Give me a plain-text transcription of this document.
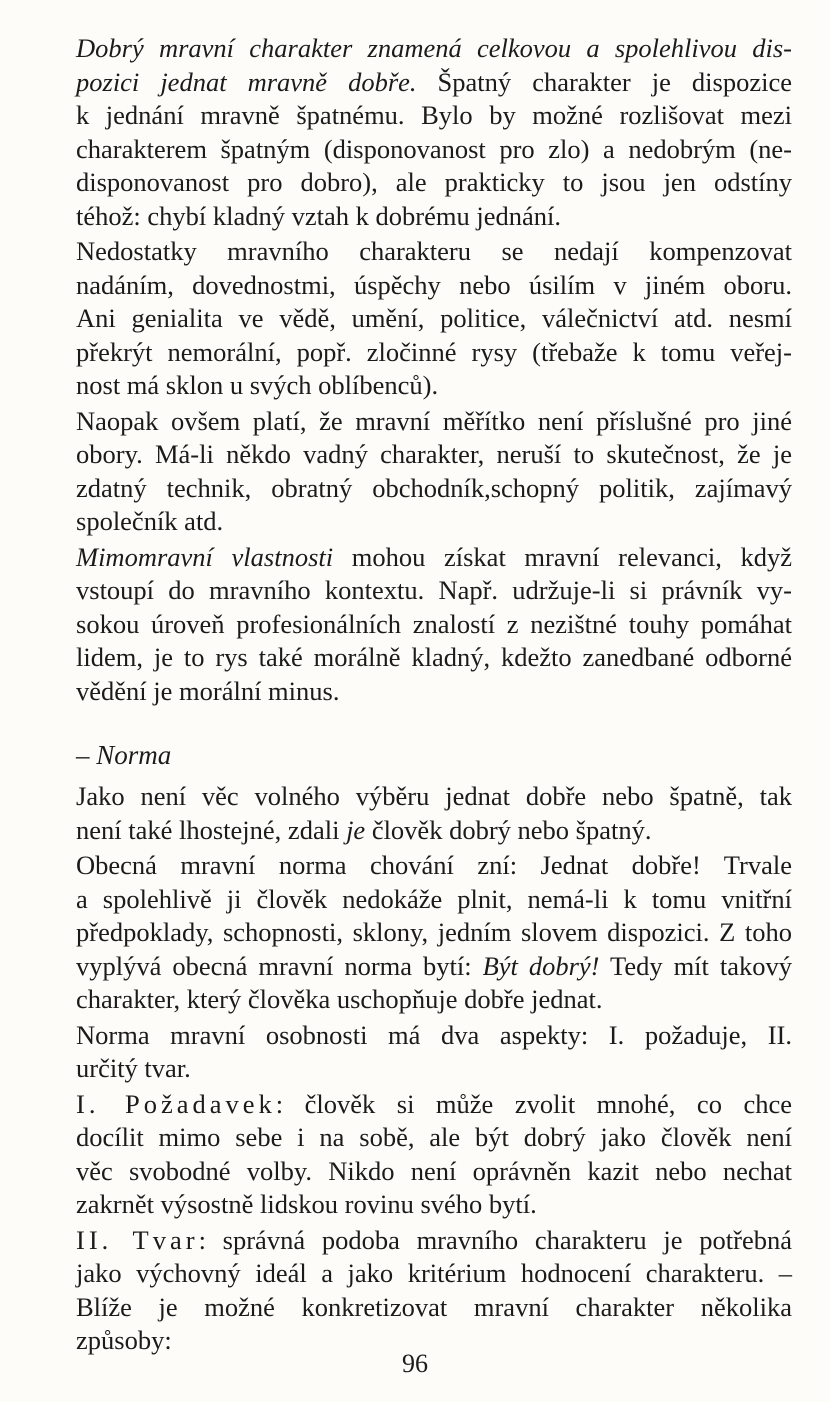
Dobrý mravní charakter znamená celkovou a spolehlivou dis-
pozici jednat mravně dobře. Špatný charakter je dispozice
k jednání mravně špatnému. Bylo by možné rozlišovat mezi
charakterem špatným (disponovanost pro zlo) a nedobrým (ne-
disponovanost pro dobro), ale prakticky to jsou jen odstíny
téhož: chybí kladný vztah k dobrému jednání.

Nedostatky mravního charakteru se nedají kompenzovat
nadáním, dovednostmi, úspěchy nebo úsilím v jiném oboru.
Ani genialita ve vědě, umění, politice, válečnictví atd. nesmí
překrýt nemorální, popř. zločinné rysy (třebaže k tomu veřej-
nost má sklon u svých oblíbenců).

Naopak ovšem platí, že mravní měřítko není příslušné pro jiné
obory. Má-li někdo vadný charakter, neruší to skutečnost, že je
zdatný technik, obratný obchodník,schopný politik, zajímavý
společník atd.

Mimomravní vlastnosti mohou získat mravní relevanci, když
vstoupí do mravního kontextu. Např. udržuje-li si právník vy-
sokou úroveň profesionálních znalostí z nezištné touhy pomáhat
lidem, je to rys také morálně kladný, kdežto zanedbané odborné
vědění je morální minus.

– Norma

Jako není věc volného výběru jednat dobře nebo špatně, tak
není také lhostejné, zdali je člověk dobrý nebo špatný.

Obecná mravní norma chování zní: Jednat dobře! Trvale
a spolehlivě ji člověk nedokáže plnit, nemá-li k tomu vnitřní
předpoklady, schopnosti, sklony, jedním slovem dispozici. Z toho
vyplývá obecná mravní norma bytí: Být dobrý! Tedy mít takový
charakter, který člověka uschopňuje dobře jednat.

Norma mravní osobnosti má dva aspekty: I. požaduje, II.
určitý tvar.

I. Požadavek: člověk si může zvolit mnohé, co chce
docílit mimo sebe i na sobě, ale být dobrý jako člověk není
věc svobodné volby. Nikdo není oprávněn kazit nebo nechat
zakrnět výsostně lidskou rovinu svého bytí.

II. Tvar: správná podoba mravního charakteru je potřebná
jako výchovný ideál a jako kritérium hodnocení charakteru. –
Blíže je možné konkretizovat mravní charakter několika
způsoby:

96
